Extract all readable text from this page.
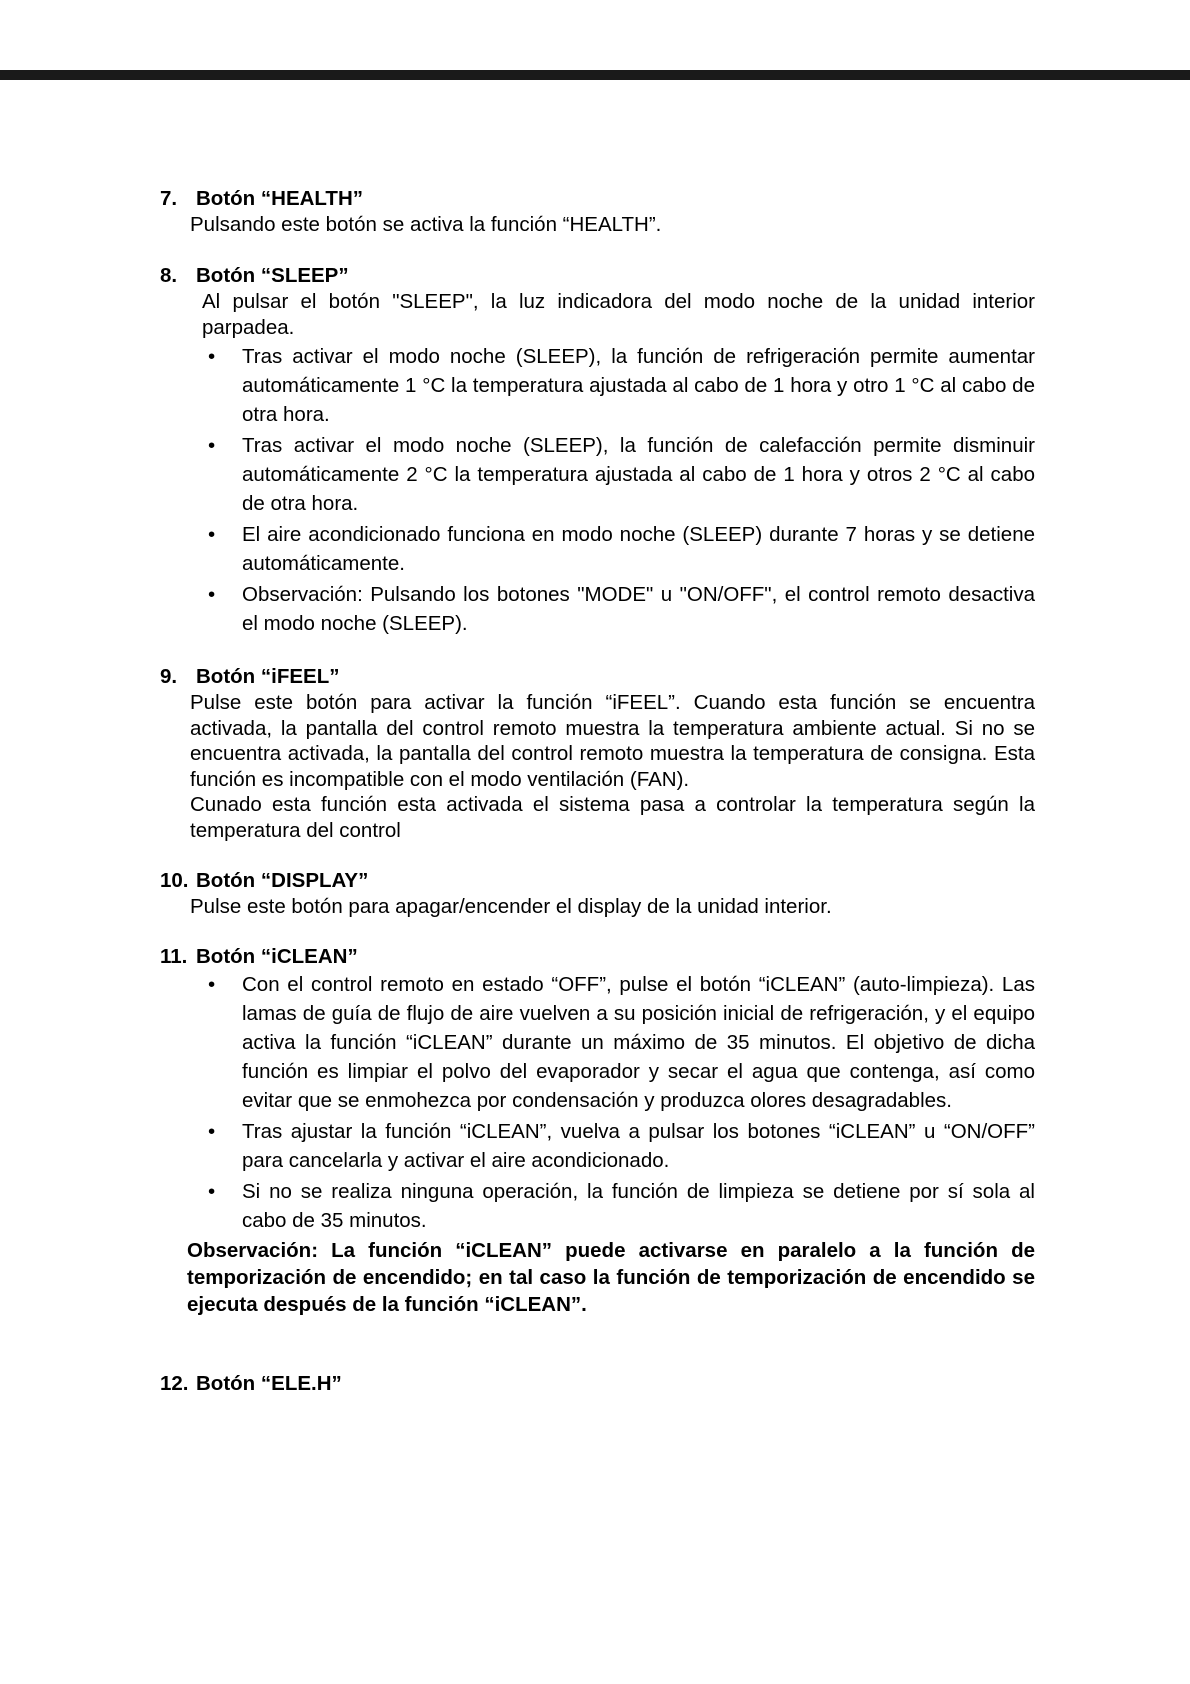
7. Botón “HEALTH”
Pulsando este botón se activa la función “HEALTH”.
8. Botón “SLEEP”
Al pulsar el botón "SLEEP", la luz indicadora del modo noche de la unidad interior parpadea.
• Tras activar el modo noche (SLEEP), la función de refrigeración permite aumentar automáticamente 1 °C la temperatura ajustada al cabo de 1 hora y otro 1 °C al cabo de otra hora.
• Tras activar el modo noche (SLEEP), la función de calefacción permite disminuir automáticamente 2 °C la temperatura ajustada al cabo de 1 hora y otros 2 °C al cabo de otra hora.
• El aire acondicionado funciona en modo noche (SLEEP) durante 7 horas y se detiene automáticamente.
• Observación: Pulsando los botones "MODE" u "ON/OFF", el control remoto desactiva el modo noche (SLEEP).
9. Botón “iFEEL”
Pulse este botón para activar la función “iFEEL”. Cuando esta función se encuentra activada, la pantalla del control remoto muestra la temperatura ambiente actual. Si no se encuentra activada, la pantalla del control remoto muestra la temperatura de consigna. Esta función es incompatible con el modo ventilación (FAN).
Cunado esta función esta activada el sistema pasa a controlar la temperatura según la temperatura del control
10. Botón “DISPLAY”
Pulse este botón para apagar/encender el display de la unidad interior.
11. Botón “iCLEAN”
• Con el control remoto en estado “OFF”, pulse el botón “iCLEAN” (auto-limpieza). Las lamas de guía de flujo de aire vuelven a su posición inicial de refrigeración, y el equipo activa la función “iCLEAN” durante un máximo de 35 minutos. El objetivo de dicha función es limpiar el polvo del evaporador y secar el agua que contenga, así como evitar que se enmohezca por condensación y produzca olores desagradables.
• Tras ajustar la función “iCLEAN”, vuelva a pulsar los botones “iCLEAN” u “ON/OFF” para cancelarla y activar el aire acondicionado.
• Si no se realiza ninguna operación, la función de limpieza se detiene por sí sola al cabo de 35 minutos.
Observación: La función “iCLEAN” puede activarse en paralelo a la función de temporización de encendido; en tal caso la función de temporización de encendido se ejecuta después de la función “iCLEAN”.
12. Botón “ELE.H”
